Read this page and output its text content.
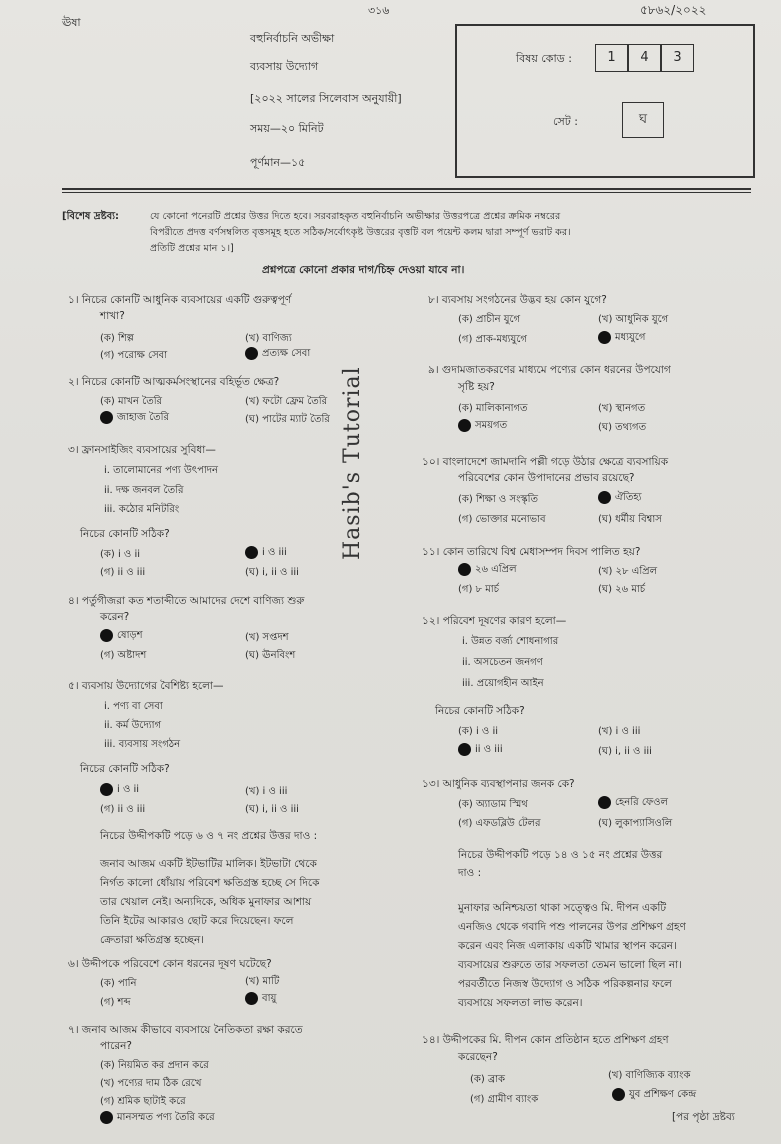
৩১৬	৫৮৬২/২০২২
ঊষা
বহুনির্বাচনি অভীক্ষা
ব্যবসায় উদ্যোগ
[২০২২ সালের সিলেবাস অনুযায়ী]
সময়—২০ মিনিট
পূর্ণমান—১৫
বিষয় কোড :	1	4	3
সেট :	ঘ
[বিশেষ দ্রষ্টব্য:	যে কোনো পনেরটি প্রশ্নের উত্তর দিতে হবে। সরবরাহকৃত বহুনির্বাচনি অভীক্ষার উত্তরপত্রে প্রশ্নের ক্রমিক নম্বরের
বিপরীতে প্রদত্ত বর্ণসম্বলিত বৃত্তসমূহ হতে সঠিক/সর্বোৎকৃষ্ট উত্তরের বৃত্তটি বল পয়েন্ট কলম দ্বারা সম্পূর্ণ ভরাট কর।
প্রতিটি প্রশ্নের মান ১।]
প্রশ্নপত্রে কোনো প্রকার দাগ/চিহ্ন দেওয়া যাবে না।
Hasib's Tutorial
১। নিচের কোনটি আধুনিক ব্যবসায়ের একটি গুরুত্বপূর্ণ
শাখা?
(ক) শিল্প	(খ) বাণিজ্য
(গ) পরোক্ষ সেবা	প্রত্যক্ষ সেবা
২। নিচের কোনটি আত্মকর্মসংস্থানের বহির্ভূত ক্ষেত্র?
(ক) মাখন তৈরি	(খ) ফটো ফ্রেম তৈরি
জাহাজ তৈরি	(ঘ) পাটের ম্যাট তৈরি
৩। ফ্রানসাইজিং ব্যবসায়ের সুবিধা—
i. তালোমানের পণ্য উৎপাদন
ii. দক্ষ জনবল তৈরি
iii. কঠোর মনিটরিং
নিচের কোনটি সঠিক?
(ক) i ও ii	i ও iii
(গ) ii ও iii	(ঘ) i, ii ও iii
৪। পর্তুগীজরা কত শতাব্দীতে আমাদের দেশে বাণিজ্য শুরু
করেন?
ষোড়শ	(খ) সপ্তদশ
(গ) অষ্টাদশ	(ঘ) ঊনবিংশ
৫। ব্যবসায় উদ্যোগের বৈশিষ্ট্য হলো—
i. পণ্য বা সেবা
ii. কর্ম উদ্যোগ
iii. ব্যবসায় সংগঠন
নিচের কোনটি সঠিক?
i ও ii	(খ) i ও iii
(গ) ii ও iii	(ঘ) i, ii ও iii
নিচের উদ্দীপকটি পড়ে ৬ ও ৭ নং প্রশ্নের উত্তর দাও :
জনাব আজম একটি ইটভাটির মালিক। ইটভাটা থেকে
নির্গত কালো ধোঁয়ায় পরিবেশ ক্ষতিগ্রস্ত হচ্ছে সে দিকে
তার খেয়াল নেই। অন্যদিকে, অধিক মুনাফার আশায়
তিনি ইটের আকারও ছোট করে দিয়েছেন। ফলে
ক্রেতারা ক্ষতিগ্রস্ত হচ্ছেন।
৬। উদ্দীপকে পরিবেশে কোন ধরনের দূষণ ঘটেছে?
(ক) পানি	(খ) মাটি
(গ) শব্দ	বায়ু
৭। জনাব আজম কীভাবে ব্যবসায়ে নৈতিকতা রক্ষা করতে
পারেন?
(ক) নিয়মিত কর প্রদান করে
(খ) পণ্যের দাম ঠিক রেখে
(গ) শ্রমিক ছাটাই করে
মানসম্মত পণ্য তৈরি করে
৮। ব্যবসায় সংগঠনের উদ্ভব হয় কোন যুগে?
(ক) প্রাচীন যুগে	(খ) আধুনিক যুগে
(গ) প্রাক-মধ্যযুগে	মধ্যযুগে
৯। গুদামজাতকরণের মাধ্যমে পণ্যের কোন ধরনের উপযোগ
সৃষ্টি হয়?
(ক) মালিকানাগত	(খ) স্থানগত
সময়গত	(ঘ) তথ্যগত
১০। বাংলাদেশে জামদানি পল্লী গড়ে উঠার ক্ষেত্রে ব্যবসায়িক
পরিবেশের কোন উপাদানের প্রভাব রয়েছে?
(ক) শিক্ষা ও সংস্কৃতি	ঐতিহ্য
(গ) ভোক্তার মনোভাব	(ঘ) ধর্মীয় বিশ্বাস
১১। কোন তারিখে বিশ্ব মেধাসম্পদ দিবস পালিত হয়?
২৬ এপ্রিল	(খ) ২৮ এপ্রিল
(গ) ৮ মার্চ	(ঘ) ২৬ মার্চ
১২। পরিবেশ দূষণের কারণ হলো—
i. উন্নত বর্জ্য শোধনাগার
ii. অসচেতন জনগণ
iii. প্রয়োগহীন আইন
নিচের কোনটি সঠিক?
(ক) i ও ii	(খ) i ও iii
ii ও iii	(ঘ) i, ii ও iii
১৩। আধুনিক ব্যবস্থাপনার জনক কে?
(ক) অ্যাডাম স্মিথ	হেনরি ফেওল
(গ) এফডব্লিউ টেলর	(ঘ) লুকাপ্যাসিওলি
নিচের উদ্দীপকটি পড়ে ১৪ ও ১৫ নং প্রশ্নের উত্তর
দাও :
মুনাফার অনিশ্চয়তা থাকা সত্ত্বেও মি. দীপন একটি
এনজিও থেকে গবাদি পশু পালনের উপর প্রশিক্ষণ গ্রহণ
করেন এবং নিজ এলাকায় একটি খামার স্থাপন করেন।
ব্যবসায়ের শুরুতে তার সফলতা তেমন ভালো ছিল না।
পরবর্তীতে নিজস্ব উদ্যোগ ও সঠিক পরিকল্পনার ফলে
ব্যবসায়ে সফলতা লাভ করেন।
১৪। উদ্দীপকের মি. দীপন কোন প্রতিষ্ঠান হতে প্রশিক্ষণ গ্রহণ
করেছেন?
(ক) ব্রাক	(খ) বাণিজ্যিক ব্যাংক
(গ) গ্রামীণ ব্যাংক	যুব প্রশিক্ষণ কেন্দ্র
[পর পৃষ্ঠা দ্রষ্টব্য
